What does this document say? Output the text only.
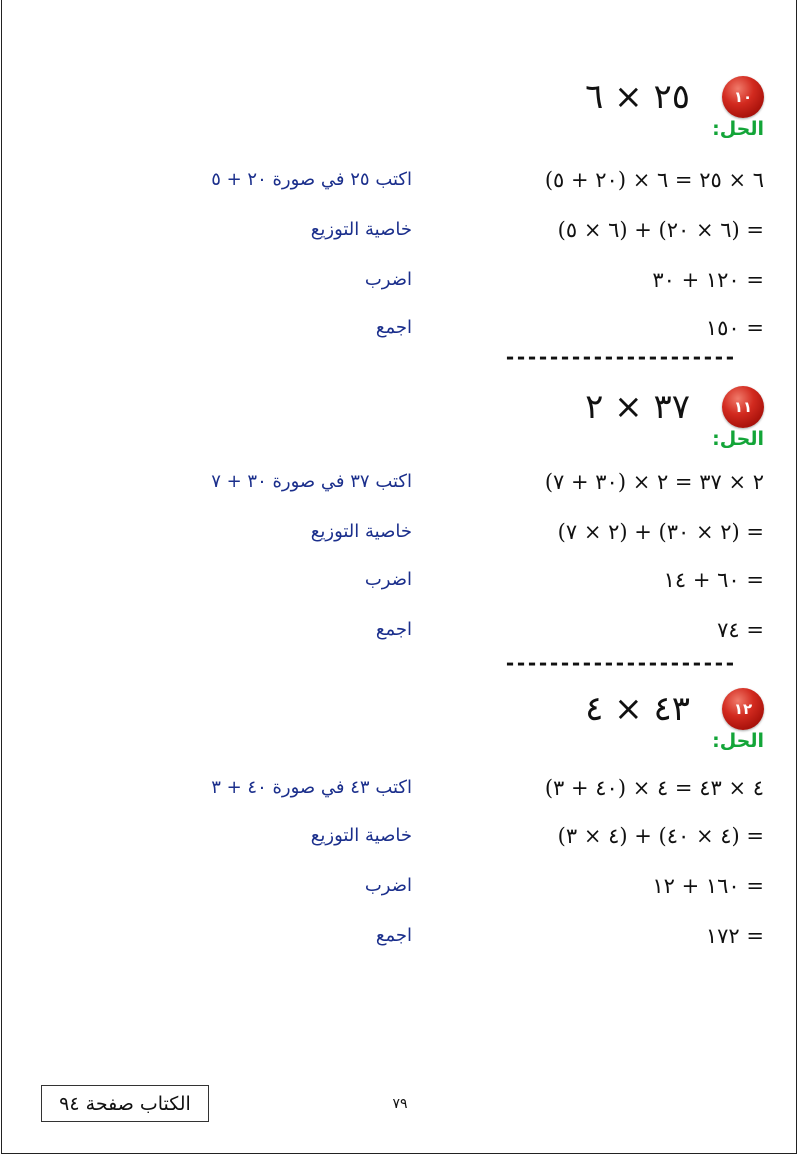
١٠
٢٥ × ٦
الحل:
٦ × ٢٥ = ٦ × (٢٠ + ٥)
اكتب ٢٥ في صورة ٢٠ + ٥
= (٦ × ٢٠) + (٦ × ٥)
خاصية التوزيع
= ١٢٠ + ٣٠
اضرب
= ١٥٠
اجمع
---------------------
١١
٣٧ × ٢
الحل:
٢ × ٣٧ = ٢ × (٣٠ + ٧)
اكتب ٣٧ في صورة ٣٠ + ٧
= (٢ × ٣٠) + (٢ × ٧)
خاصية التوزيع
= ٦٠ + ١٤
اضرب
= ٧٤
اجمع
---------------------
١٢
٤٣ × ٤
الحل:
٤ × ٤٣ = ٤ × (٤٠ + ٣)
اكتب ٤٣ في صورة ٤٠ + ٣
= (٤ × ٤٠) + (٤ × ٣)
خاصية التوزيع
= ١٦٠ + ١٢
اضرب
= ١٧٢
اجمع
الكتاب صفحة ٩٤	٧٩
